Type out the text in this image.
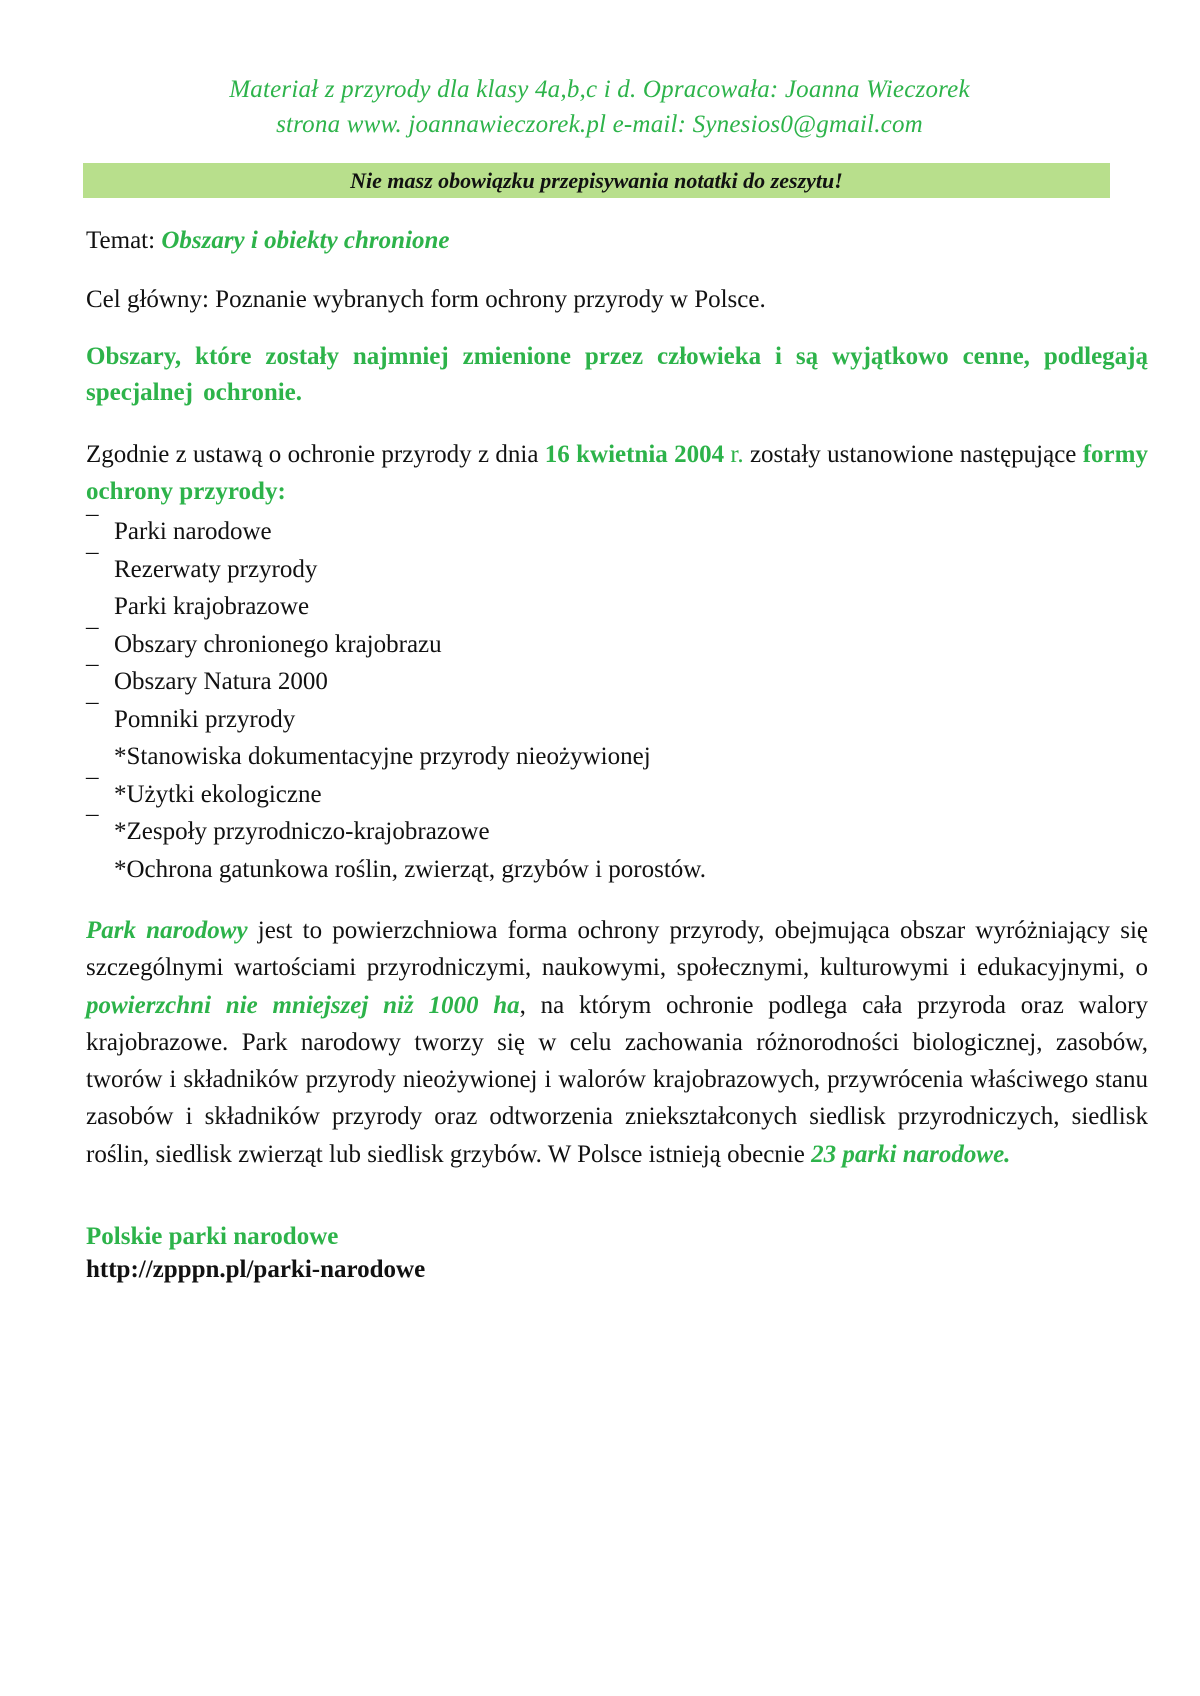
Materiał z przyrody dla klasy 4a,b,c i d. Opracowała: Joanna Wieczorek
strona www. joannawieczorek.pl e-mail: Synesios0@gmail.com
Nie masz obowiązku przepisywania notatki do zeszytu!
Temat: Obszary i obiekty chronione
Cel główny: Poznanie wybranych form ochrony przyrody w Polsce.
Obszary, które zostały najmniej zmienione przez człowieka i są wyjątkowo cenne, podlegają specjalnej ochronie.
Zgodnie z ustawą o ochronie przyrody z dnia 16 kwietnia 2004 r. zostały ustanowione następujące formy ochrony przyrody:
¯ Parki narodowe
¯ Rezerwaty przyrody
Parki krajobrazowe
¯ Obszary chronionego krajobrazu
¯ Obszary Natura 2000
¯ Pomniki przyrody
*Stanowiska dokumentacyjne przyrody nieożywionej
¯ *Użytki ekologiczne
¯ *Zespoły przyrodniczo-krajobrazowe
*Ochrona gatunkowa roślin, zwierząt, grzybów i porostów.
Park narodowy jest to powierzchniowa forma ochrony przyrody, obejmująca obszar wyróżniający się szczególnymi wartościami przyrodniczymi, naukowymi, społecznymi, kulturowymi i edukacyjnymi, o powierzchni nie mniejszej niż 1000 ha, na którym ochronie podlega cała przyroda oraz walory krajobrazowe. Park narodowy tworzy się w celu zachowania różnorodności biologicznej, zasobów, tworów i składników przyrody nieożywionej i walorów krajobrazowych, przywrócenia właściwego stanu zasobów i składników przyrody oraz odtworzenia zniekształconych siedlisk przyrodniczych, siedlisk roślin, siedlisk zwierząt lub siedlisk grzybów. W Polsce istnieją obecnie 23 parki narodowe.
Polskie parki narodowe
http://zpppn.pl/parki-narodowe
